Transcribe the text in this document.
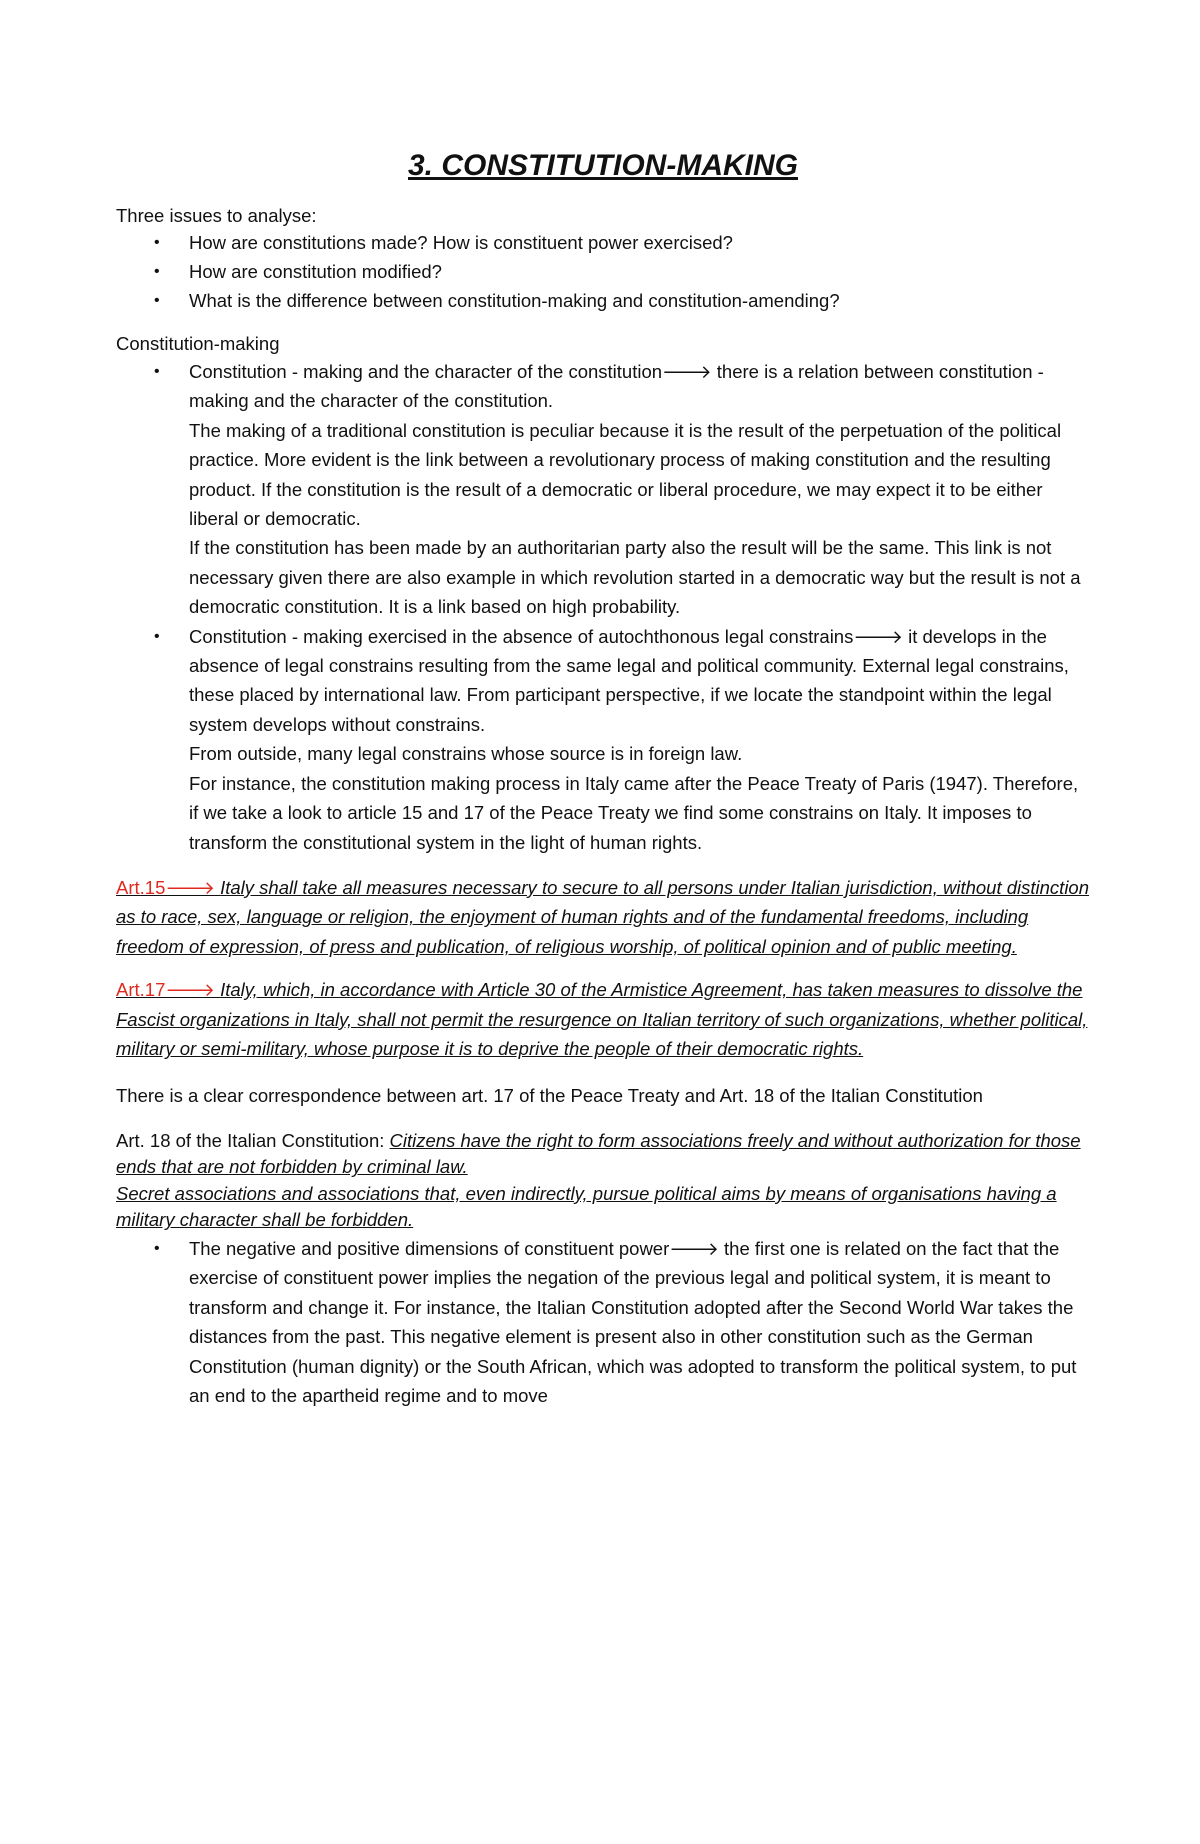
3. CONSTITUTION-MAKING

Three issues to analyse:

• How are constitutions made? How is constituent power exercised?
• How are constitution modified?
• What is the difference between constitution-making and constitution-amending?

Constitution-making

• Constitution - making and the character of the constitution🡒 there is a relation between constitution - making and the character of the constitution.
The making of a traditional constitution is peculiar because it is the result of the perpetuation of the political practice. More evident is the link between a revolutionary process of making constitution and the resulting product. If the constitution is the result of a democratic or liberal procedure, we may expect it to be either liberal or democratic.
If the constitution has been made by an authoritarian party also the result will be the same. This link is not necessary given there are also example in which revolution started in a democratic way but the result is not a democratic constitution. It is a link based on high probability.
• Constitution - making exercised in the absence of autochthonous legal constrains🡒 it develops in the absence of legal constrains resulting from the same legal and political community. External legal constrains, these placed by international law. From participant perspective, if we locate the standpoint within the legal system develops without constrains.
From outside, many legal constrains whose source is in foreign law.
For instance, the constitution making process in Italy came after the Peace Treaty of Paris (1947). Therefore, if we take a look to article 15 and 17 of the Peace Treaty we find some constrains on Italy. It imposes to transform the constitutional system in the light of human rights.

Art.15🡒 Italy shall take all measures necessary to secure to all persons under Italian jurisdiction, without distinction as to race, sex, language or religion, the enjoyment of human rights and of the fundamental freedoms, including freedom of expression, of press and publication, of religious worship, of political opinion and of public meeting.

Art.17🡒 Italy, which, in accordance with Article 30 of the Armistice Agreement, has taken measures to dissolve the Fascist organizations in Italy, shall not permit the resurgence on Italian territory of such organizations, whether political, military or semi-military, whose purpose it is to deprive the people of their democratic rights.

There is a clear correspondence between art. 17 of the Peace Treaty and Art. 18 of the Italian Constitution

Art. 18 of the Italian Constitution: Citizens have the right to form associations freely and without authorization for those ends that are not forbidden by criminal law.
Secret associations and associations that, even indirectly, pursue political aims by means of organisations having a military character shall be forbidden.

• The negative and positive dimensions of constituent power🡒 the first one is related on the fact that the exercise of constituent power implies the negation of the previous legal and political system, it is meant to transform and change it. For instance, the Italian Constitution adopted after the Second World War takes the distances from the past. This negative element is present also in other constitution such as the German Constitution (human dignity) or the South African, which was adopted to transform the political system, to put an end to the apartheid regime and to move
